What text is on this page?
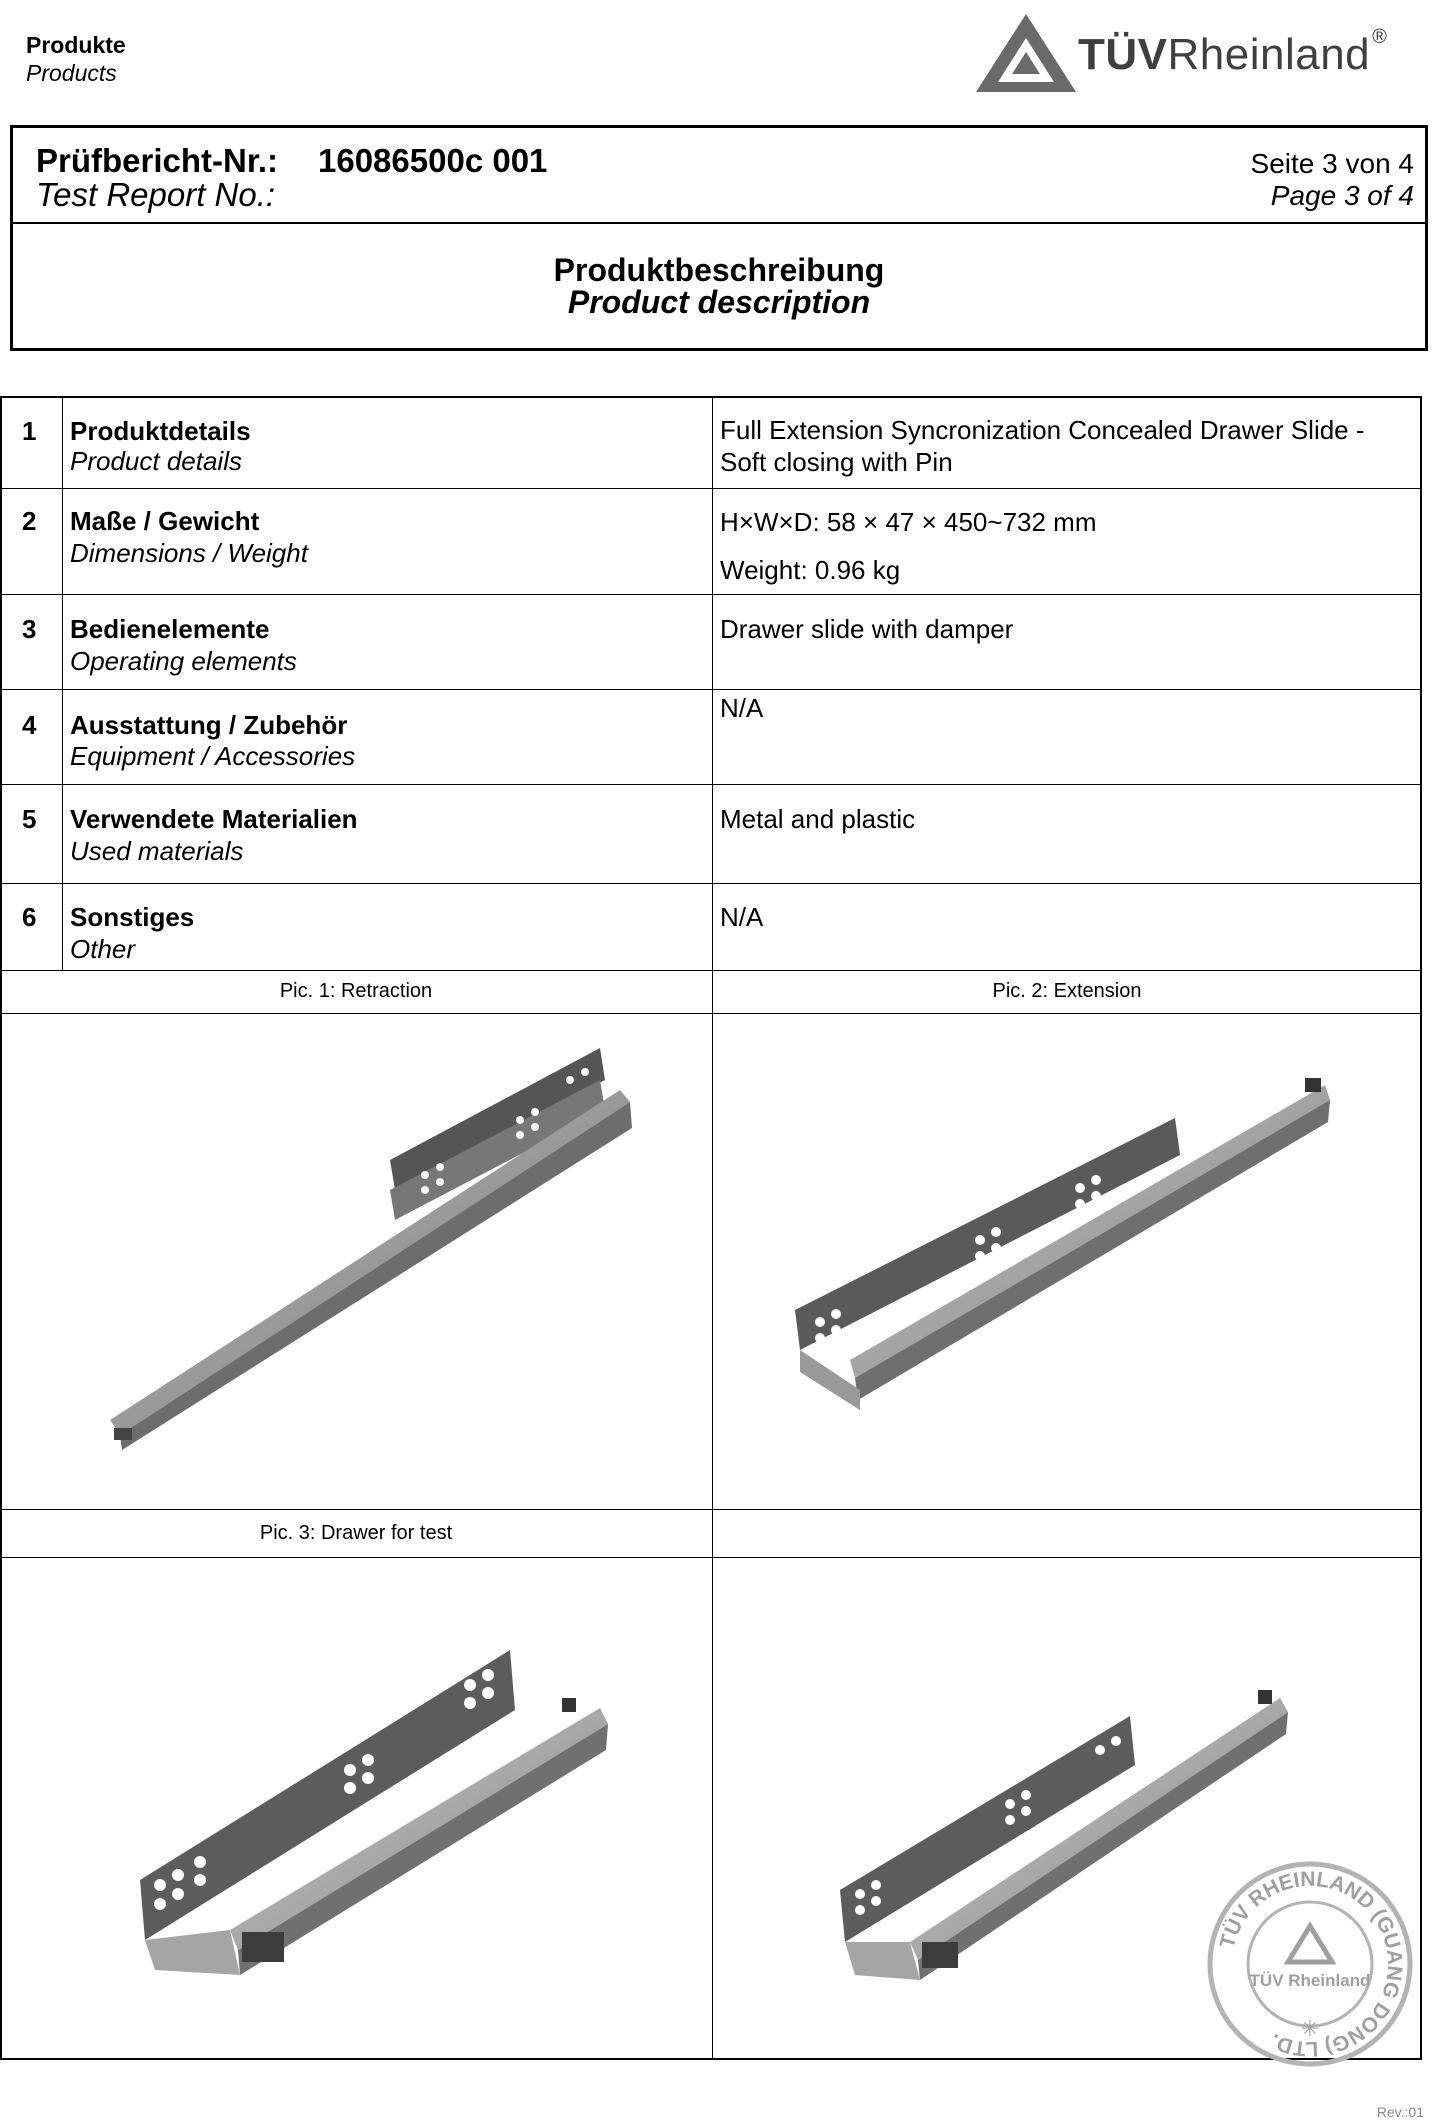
Produkte
Products	TÜVRheinland ®
Prüfbericht-Nr.: 16086500c 001
Test Report No.:
Seite 3 von 4
Page 3 of 4
Produktbeschreibung
Product description
1 Produktdetails
Product details
Full Extension Syncronization Concealed Drawer Slide -
Soft closing with Pin
2 Maße / Gewicht
Dimensions / Weight
H×W×D: 58 × 47 × 450~732 mm
Weight: 0.96 kg
3 Bedienelemente
Operating elements
Drawer slide with damper
4 Ausstattung / Zubehör
Equipment / Accessories
N/A
5 Verwendete Materialien
Used materials
Metal and plastic
6 Sonstiges
Other
N/A
Pic. 1: Retraction	Pic. 2: Extension
Pic. 3: Drawer for test
TÜV RHEINLAND (GUANG DONG) LTD.
TÜV Rheinland
✳
Rev.:01
